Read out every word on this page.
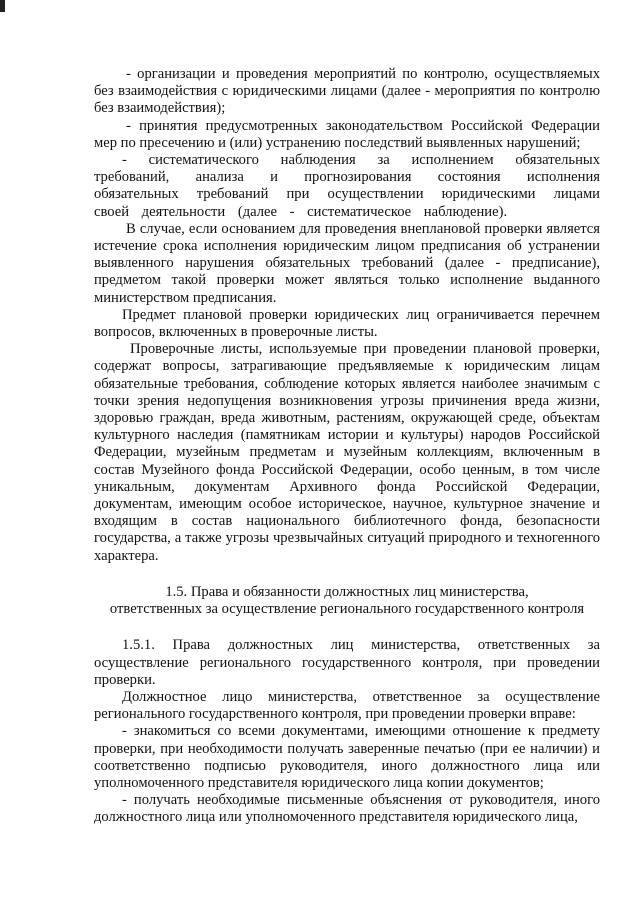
- организации и проведения мероприятий по контролю, осуществляемых без взаимодействия с юридическими лицами (далее - мероприятия по контролю без взаимодействия);

- принятия предусмотренных законодательством Российской Федерации мер по пресечению и (или) устранению последствий выявленных нарушений;

- систематического наблюдения за исполнением обязательных требований, анализа и прогнозирования состояния исполнения обязательных требований при осуществлении юридическими лицами своей деятельности (далее - систематическое наблюдение).

В случае, если основанием для проведения внеплановой проверки является истечение срока исполнения юридическим лицом предписания об устранении выявленного нарушения обязательных требований (далее - предписание), предметом такой проверки может являться только исполнение выданного министерством предписания.

Предмет плановой проверки юридических лиц ограничивается перечнем вопросов, включенных в проверочные листы.

Проверочные листы, используемые при проведении плановой проверки, содержат вопросы, затрагивающие предъявляемые к юридическим лицам обязательные требования, соблюдение которых является наиболее значимым с точки зрения недопущения возникновения угрозы причинения вреда жизни, здоровью граждан, вреда животным, растениям, окружающей среде, объектам культурного наследия (памятникам истории и культуры) народов Российской Федерации, музейным предметам и музейным коллекциям, включенным в состав Музейного фонда Российской Федерации, особо ценным, в том числе уникальным, документам Архивного фонда Российской Федерации, документам, имеющим особое историческое, научное, культурное значение и входящим в состав национального библиотечного фонда, безопасности государства, а также угрозы чрезвычайных ситуаций природного и техногенного характера.

1.5. Права и обязанности должностных лиц министерства,
ответственных за осуществление регионального государственного контроля

1.5.1. Права должностных лиц министерства, ответственных за осуществление регионального государственного контроля, при проведении проверки.

Должностное лицо министерства, ответственное за осуществление регионального государственного контроля, при проведении проверки вправе:

- знакомиться со всеми документами, имеющими отношение к предмету проверки, при необходимости получать заверенные печатью (при ее наличии) и соответственно подписью руководителя, иного должностного лица или уполномоченного представителя юридического лица копии документов;

- получать необходимые письменные объяснения от руководителя, иного должностного лица или уполномоченного представителя юридического лица,
